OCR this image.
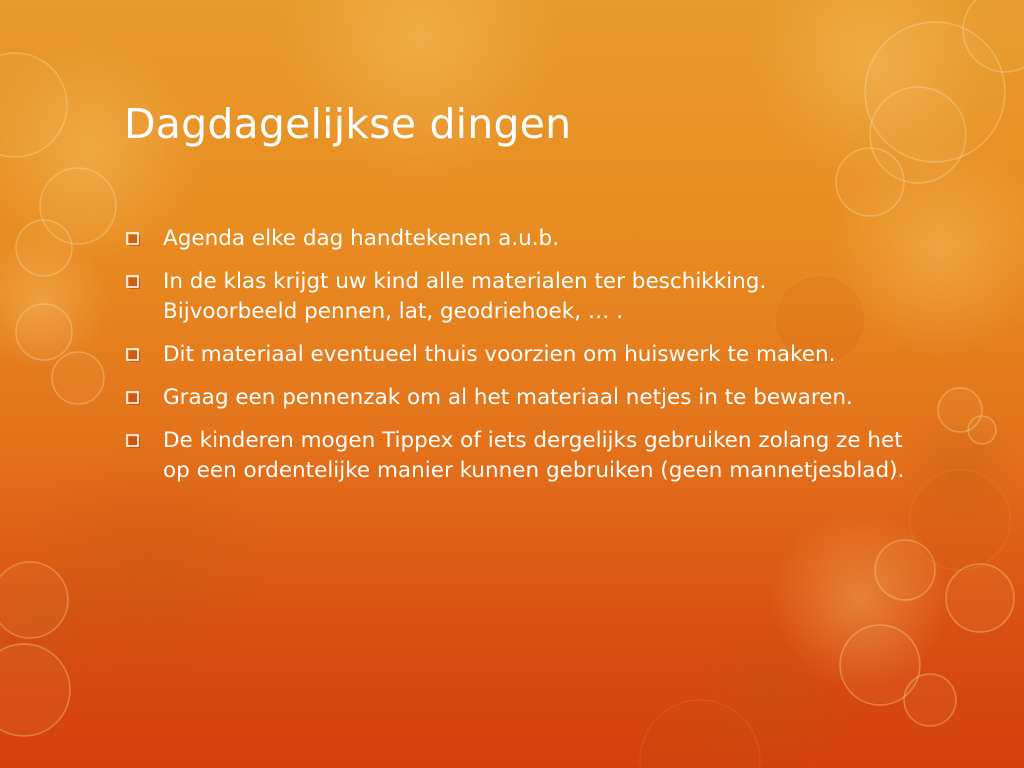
Dagdagelijkse dingen
Agenda elke dag handtekenen a.u.b.
In de klas krijgt uw kind alle materialen ter beschikking. Bijvoorbeeld pennen, lat, geodriehoek, … .
Dit materiaal eventueel thuis voorzien om huiswerk te maken.
Graag een pennenzak om al het materiaal netjes in te bewaren.
De kinderen mogen Tippex of iets dergelijks gebruiken zolang ze het op een ordentelijke manier kunnen gebruiken (geen mannetjesblad).
